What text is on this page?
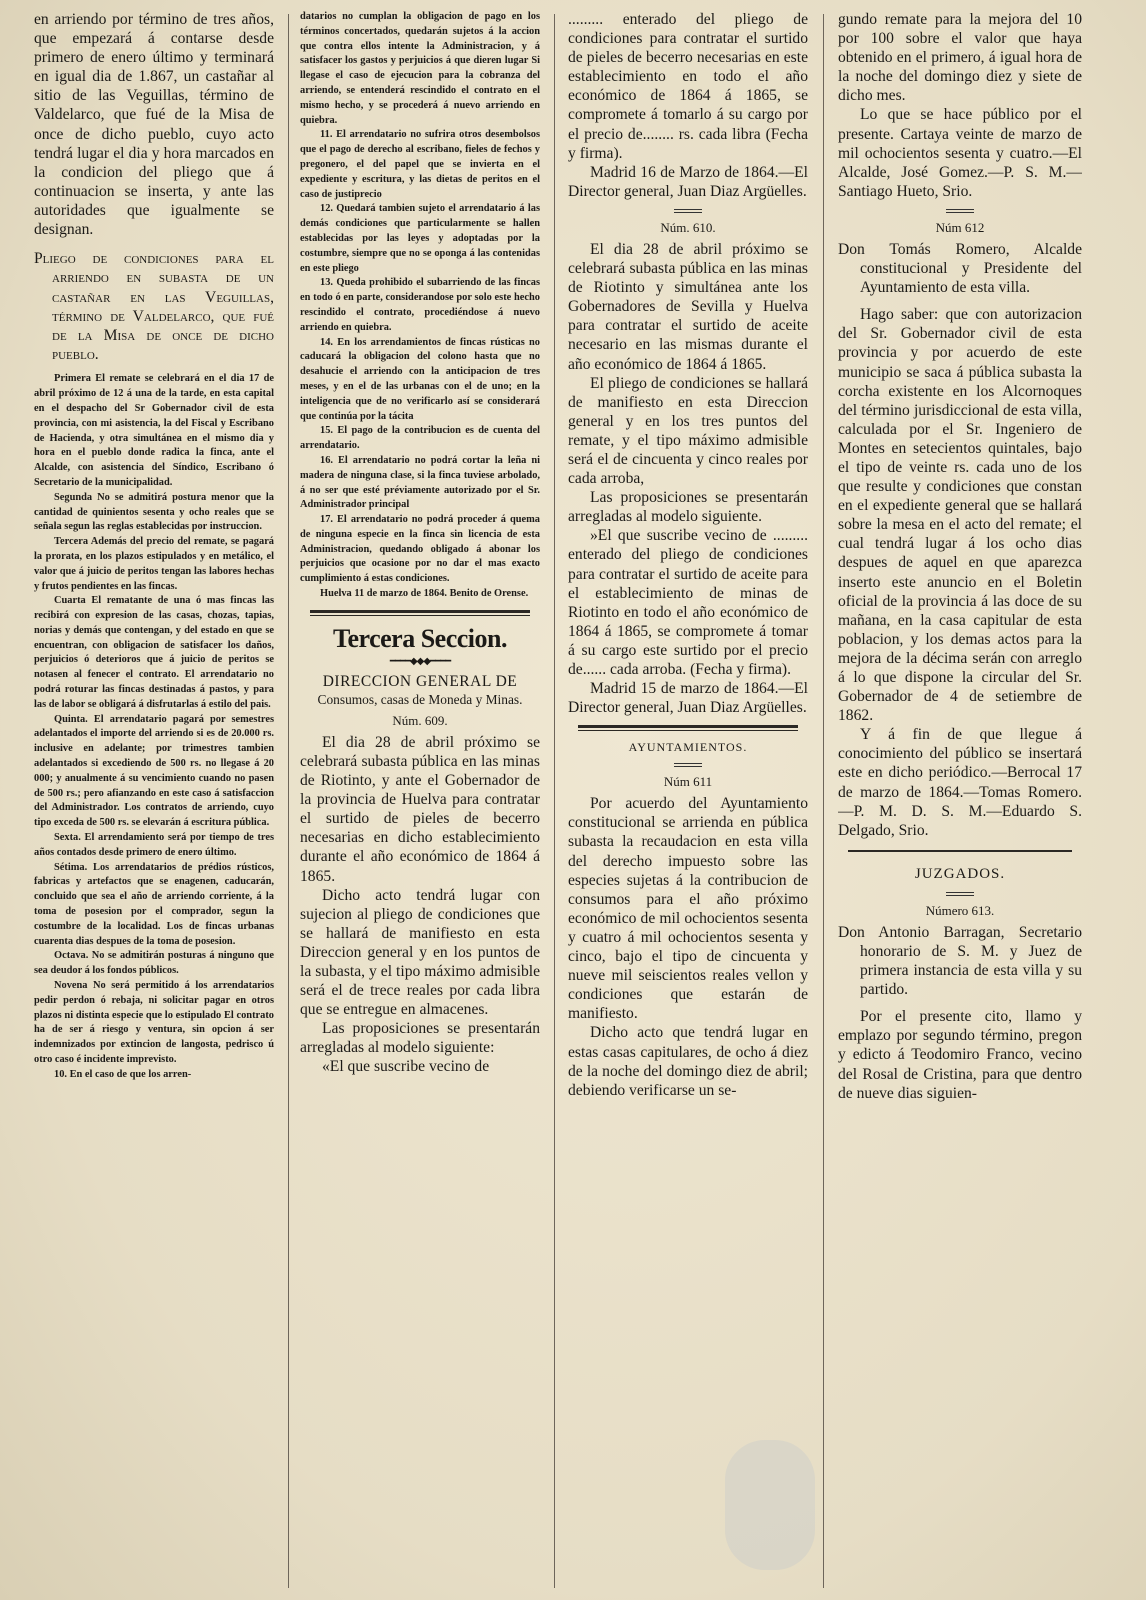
en arriendo por término de tres años, que empezará á contarse desde primero de enero último y terminará en igual dia de 1.867, un castañar al sitio de las Veguillas, término de Valdelarco, que fué de la Misa de once de dicho pueblo, cuyo acto tendrá lugar el dia y hora marcados en la condicion del pliego que á continuacion se inserta, y ante las autoridades que igualmente se designan.

Pliego de condiciones para el arriendo en subasta de un castañar en las Veguillas, término de Valdelarco, que fué de la Misa de once de dicho pueblo.

Primera El remate se celebrará en el dia 17 de abril próximo de 12 á una de la tarde, en esta capital en el despacho del Sr Gobernador civil de esta provincia, con mi asistencia, la del Fiscal y Escribano de Hacienda, y otra simultánea en el mismo dia y hora en el pueblo donde radica la finca, ante el Alcalde, con asistencia del Síndico, Escribano ó Secretario de la municipalidad.

Segunda No se admitirá postura menor que la cantidad de quinientos sesenta y ocho reales que se señala segun las reglas establecidas por instruccion.

Tercera Además del precio del remate, se pagará la prorata, en los plazos estipulados y en metálico, el valor que á juicio de peritos tengan las labores hechas y frutos pendientes en las fincas.

Cuarta El rematante de una ó mas fincas las recibirá con expresion de las casas, chozas, tapias, norias y demás que contengan, y del estado en que se encuentran, con obligacion de satisfacer los daños, perjuicios ó deterioros que á juicio de peritos se notasen al fenecer el contrato. El arrendatario no podrá roturar las fincas destinadas á pastos, y para las de labor se obligará á disfrutarlas á estilo del pais.

Quinta. El arrendatario pagará por semestres adelantados el importe del arriendo si es de 20.000 rs. inclusive en adelante; por trimestres tambien adelantados si excediendo de 500 rs. no llegase á 20 000; y anualmente á su vencimiento cuando no pasen de 500 rs.; pero afianzando en este caso á satisfaccion del Administrador. Los contratos de arriendo, cuyo tipo exceda de 500 rs. se elevarán á escritura pública.

Sexta. El arrendamiento será por tiempo de tres años contados desde primero de enero último.

Sétima. Los arrendatarios de prédios rústicos, fabricas y artefactos que se enagenen, caducarán, concluido que sea el año de arriendo corriente, á la toma de posesion por el comprador, segun la costumbre de la localidad. Los de fincas urbanas cuarenta dias despues de la toma de posesion.

Octava. No se admitirán posturas á ninguno que sea deudor á los fondos públicos.

Novena No será permitido á los arrendatarios pedir perdon ó rebaja, ni solicitar pagar en otros plazos ni distinta especie que lo estipulado El contrato ha de ser á riesgo y ventura, sin opcion á ser indemnizados por extincion de langosta, pedrisco ú otro caso é incidente imprevisto.

10. En el caso de que los arren-

datarios no cumplan la obligacion de pago en los términos concertados, quedarán sujetos á la accion que contra ellos intente la Administracion, y á satisfacer los gastos y perjuicios á que dieren lugar Si llegase el caso de ejecucion para la cobranza del arriendo, se entenderá rescindido el contrato en el mismo hecho, y se procederá á nuevo arriendo en quiebra.

11. El arrendatario no sufrira otros desembolsos que el pago de derecho al escribano, fieles de fechos y pregonero, el del papel que se invierta en el expediente y escritura, y las dietas de peritos en el caso de justiprecio

12. Quedará tambien sujeto el arrendatario á las demás condiciones que particularmente se hallen establecidas por las leyes y adoptadas por la costumbre, siempre que no se oponga á las contenidas en este pliego

13. Queda prohibido el subarriendo de las fincas en todo ó en parte, considerandose por solo este hecho rescindido el contrato, procediéndose á nuevo arriendo en quiebra.

14. En los arrendamientos de fincas rústicas no caducará la obligacion del colono hasta que no desahucie el arriendo con la anticipacion de tres meses, y en el de las urbanas con el de uno; en la inteligencia que de no verificarlo así se considerará que continúa por la tácita

15. El pago de la contribucion es de cuenta del arrendatario.

16. El arrendatario no podrá cortar la leña ni madera de ninguna clase, si la finca tuviese arbolado, á no ser que esté préviamente autorizado por el Sr. Administrador principal

17. El arrendatario no podrá proceder á quema de ninguna especie en la finca sin licencia de esta Administracion, quedando obligado á abonar los perjuicios que ocasione por no dar el mas exacto cumplimiento á estas condiciones.

Huelva 11 de marzo de 1864. Benito de Orense.

Tercera Seccion.

━━━━◆◆◆━━━━

DIRECCION GENERAL DE

Consumos, casas de Moneda y Minas.

Núm. 609.

El dia 28 de abril próximo se celebrará subasta pública en las minas de Riotinto, y ante el Gobernador de la provincia de Huelva para contratar el surtido de pieles de becerro necesarias en dicho establecimiento durante el año económico de 1864 á 1865.

Dicho acto tendrá lugar con sujecion al pliego de condiciones que se hallará de manifiesto en esta Direccion general y en los puntos de la subasta, y el tipo máximo admisible será el de trece reales por cada libra que se entregue en almacenes.

Las proposiciones se presentarán arregladas al modelo siguiente:

«El que suscribe vecino de

......... enterado del pliego de condiciones para contratar el surtido de pieles de becerro necesarias en este establecimiento en todo el año económico de 1864 á 1865, se compromete á tomarlo á su cargo por el precio de........ rs. cada libra (Fecha y firma).

Madrid 16 de Marzo de 1864.—El Director general, Juan Diaz Argüelles.

Núm. 610.

El dia 28 de abril próximo se celebrará subasta pública en las minas de Riotinto y simultánea ante los Gobernadores de Sevilla y Huelva para contratar el surtido de aceite necesario en las mismas durante el año económico de 1864 á 1865.

El pliego de condiciones se hallará de manifiesto en esta Direccion general y en los tres puntos del remate, y el tipo máximo admisible será el de cincuenta y cinco reales por cada arroba,

Las proposiciones se presentarán arregladas al modelo siguiente.

»El que suscribe vecino de ......... enterado del pliego de condiciones para contratar el surtido de aceite para el establecimiento de minas de Riotinto en todo el año económico de 1864 á 1865, se compromete á tomar á su cargo este surtido por el precio de...... cada arroba. (Fecha y firma).

Madrid 15 de marzo de 1864.—El Director general, Juan Diaz Argüelles.

AYUNTAMIENTOS.

Núm 611

Por acuerdo del Ayuntamiento constitucional se arrienda en pública subasta la recaudacion en esta villa del derecho impuesto sobre las especies sujetas á la contribucion de consumos para el año próximo económico de mil ochocientos sesenta y cuatro á mil ochocientos sesenta y cinco, bajo el tipo de cincuenta y nueve mil seiscientos reales vellon y condiciones que estarán de manifiesto.

Dicho acto que tendrá lugar en estas casas capitulares, de ocho á diez de la noche del domingo diez de abril; debiendo verificarse un se-

gundo remate para la mejora del 10 por 100 sobre el valor que haya obtenido en el primero, á igual hora de la noche del domingo diez y siete de dicho mes.

Lo que se hace público por el presente. Cartaya veinte de marzo de mil ochocientos sesenta y cuatro.—El Alcalde, José Gomez.—P. S. M.—Santiago Hueto, Srio.

Núm 612

Don Tomás Romero, Alcalde constitucional y Presidente del Ayuntamiento de esta villa.

Hago saber: que con autorizacion del Sr. Gobernador civil de esta provincia y por acuerdo de este municipio se saca á pública subasta la corcha existente en los Alcornoques del término jurisdiccional de esta villa, calculada por el Sr. Ingeniero de Montes en setecientos quintales, bajo el tipo de veinte rs. cada uno de los que resulte y condiciones que constan en el expediente general que se hallará sobre la mesa en el acto del remate; el cual tendrá lugar á los ocho dias despues de aquel en que aparezca inserto este anuncio en el Boletin oficial de la provincia á las doce de su mañana, en la casa capitular de esta poblacion, y los demas actos para la mejora de la décima serán con arreglo á lo que dispone la circular del Sr. Gobernador de 4 de setiembre de 1862.

Y á fin de que llegue á conocimiento del público se insertará este en dicho periódico.—Berrocal 17 de marzo de 1864.—Tomas Romero.—P. M. D. S. M.—Eduardo S. Delgado, Srio.

JUZGADOS.

Número 613.

Don Antonio Barragan, Secretario honorario de S. M. y Juez de primera instancia de esta villa y su partido.

Por el presente cito, llamo y emplazo por segundo término, pregon y edicto á Teodomiro Franco, vecino del Rosal de Cristina, para que dentro de nueve dias siguien-
